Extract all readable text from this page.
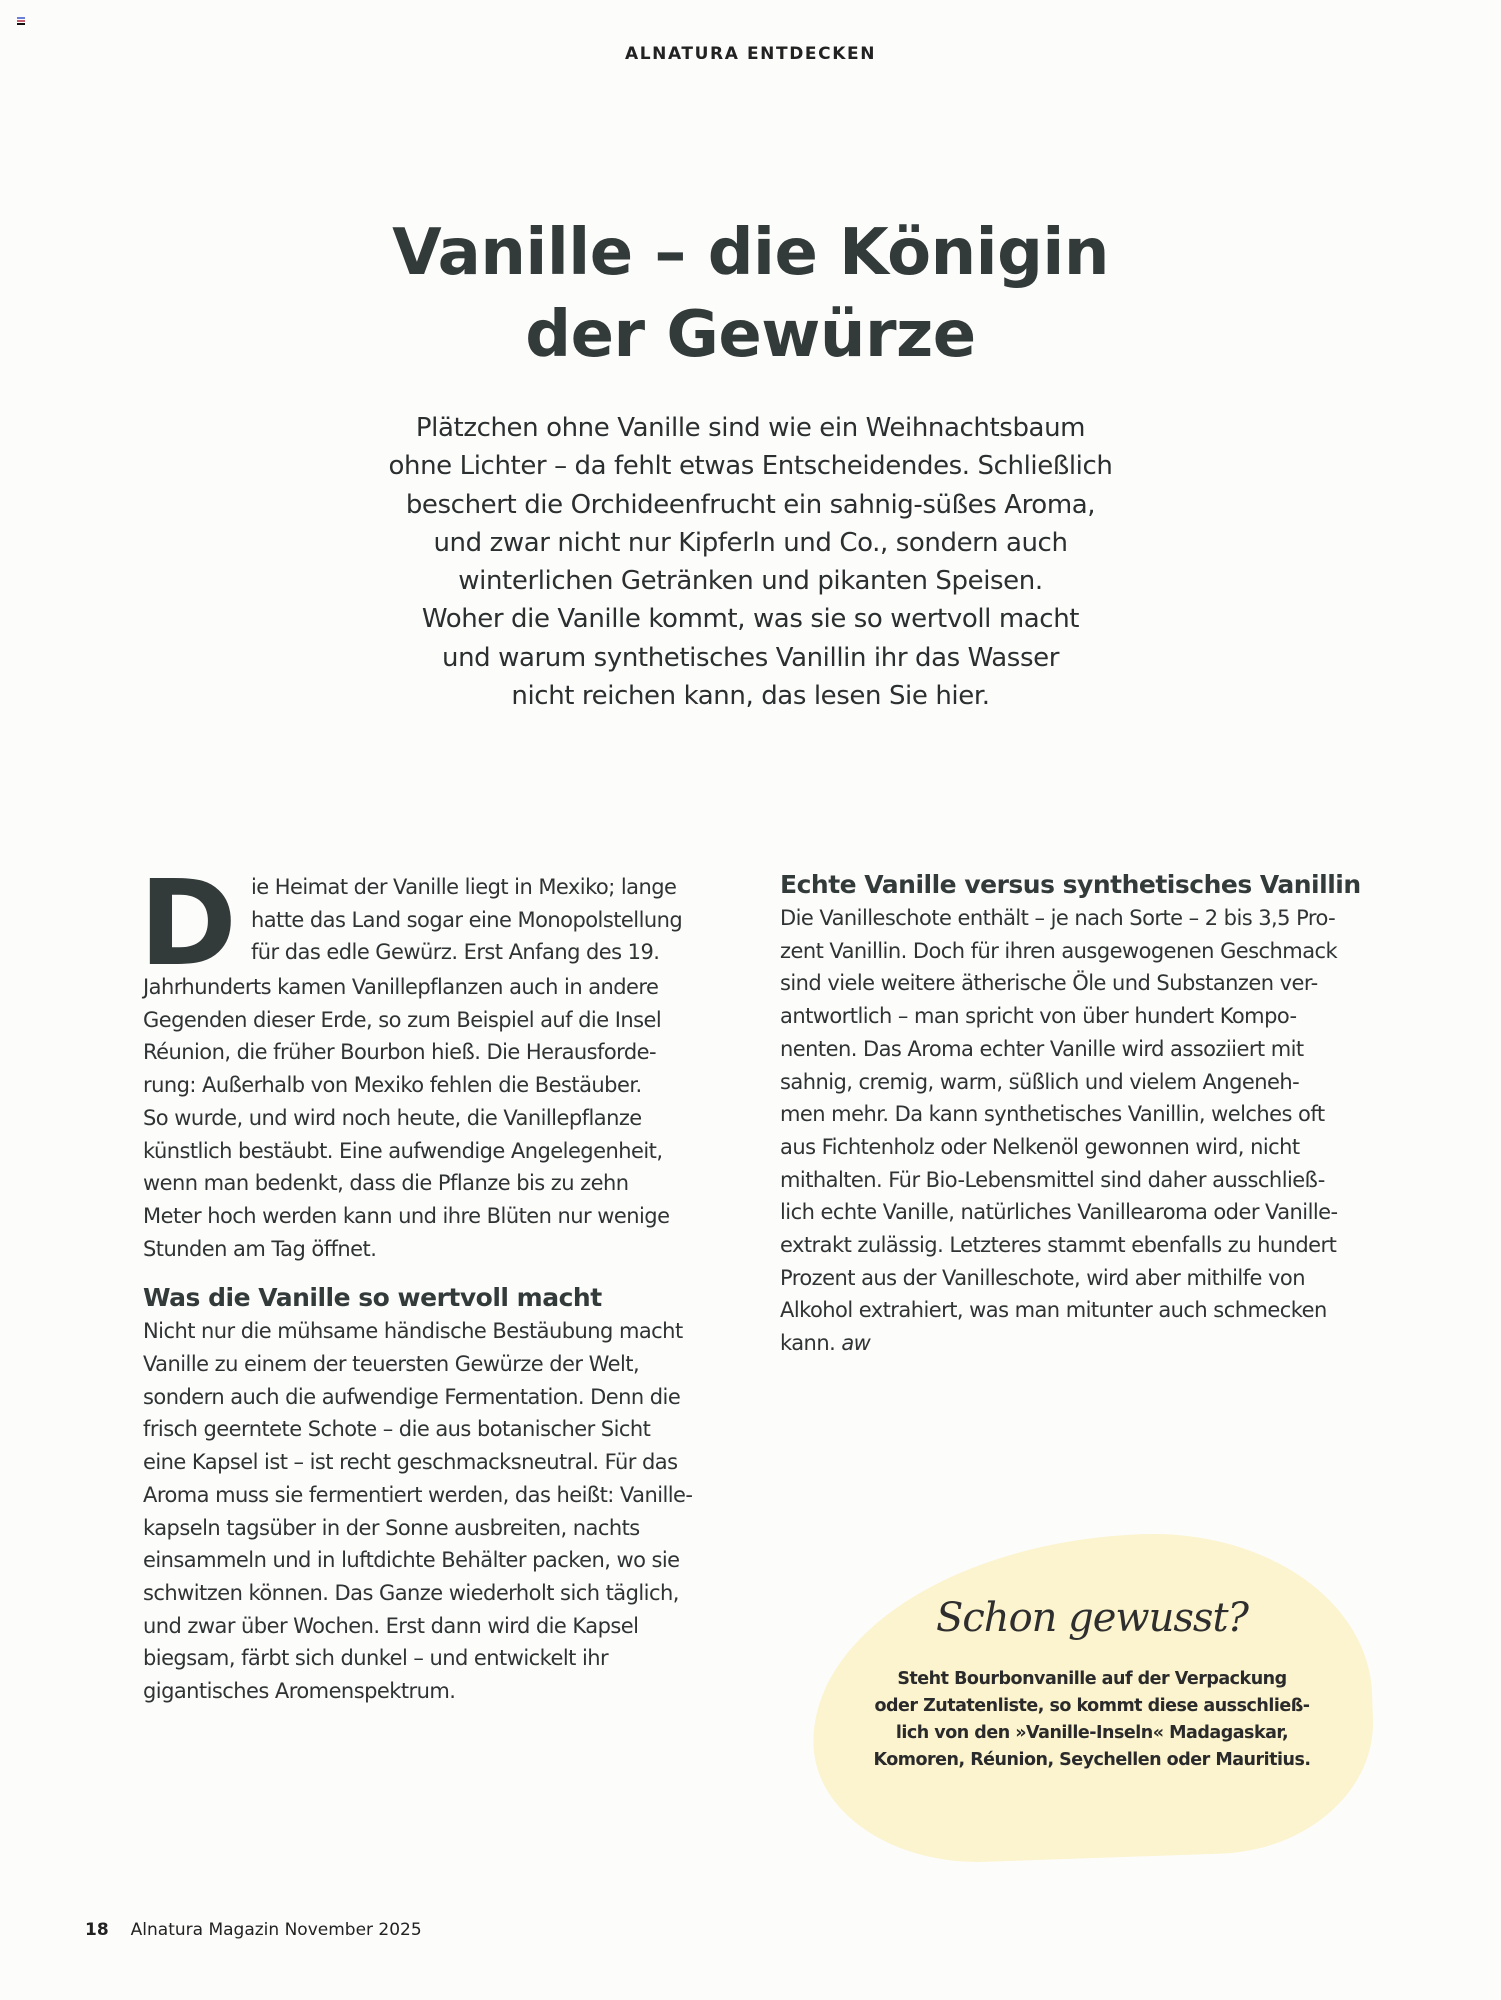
ALNATURA ENTDECKEN
Vanille – die Königin
der Gewürze

Plätzchen ohne Vanille sind wie ein Weihnachtsbaum
ohne Lichter – da fehlt etwas Entscheidendes. Schließlich
beschert die Orchideenfrucht ein sahnig-süßes Aroma,
und zwar nicht nur Kipferln und Co., sondern auch
winterlichen Getränken und pikanten Speisen.
Woher die Vanille kommt, was sie so wertvoll macht
und warum synthetisches Vanillin ihr das Wasser
nicht reichen kann, das lesen Sie hier.

D ie Heimat der Vanille liegt in Mexiko; lange
hatte das Land sogar eine Monopolstellung
für das edle Gewürz. Erst Anfang des 19.
Jahrhunderts kamen Vanillepflanzen auch in andere
Gegenden dieser Erde, so zum Beispiel auf die Insel
Réunion, die früher Bourbon hieß. Die Herausforde-
rung: Außerhalb von Mexiko fehlen die Bestäuber.
So wurde, und wird noch heute, die Vanillepflanze
künstlich bestäubt. Eine aufwendige Angelegenheit,
wenn man bedenkt, dass die Pflanze bis zu zehn
Meter hoch werden kann und ihre Blüten nur wenige
Stunden am Tag öffnet.

Was die Vanille so wertvoll macht

Nicht nur die mühsame händische Bestäubung macht
Vanille zu einem der teuersten Gewürze der Welt,
sondern auch die aufwendige Fermentation. Denn die
frisch geerntete Schote – die aus botanischer Sicht
eine Kapsel ist – ist recht geschmacksneutral. Für das
Aroma muss sie fermentiert werden, das heißt: Vanille-
kapseln tagsüber in der Sonne ausbreiten, nachts
einsammeln und in luftdichte Behälter packen, wo sie
schwitzen können. Das Ganze wiederholt sich täglich,
und zwar über Wochen. Erst dann wird die Kapsel
biegsam, färbt sich dunkel – und entwickelt ihr
gigantisches Aromenspektrum.

Echte Vanille versus synthetisches Vanillin

Die Vanilleschote enthält – je nach Sorte – 2 bis 3,5 Pro-
zent Vanillin. Doch für ihren ausgewogenen Geschmack
sind viele weitere ätherische Öle und Substanzen ver-
antwortlich – man spricht von über hundert Kompo-
nenten. Das Aroma echter Vanille wird assoziiert mit
sahnig, cremig, warm, süßlich und vielem Angeneh-
men mehr. Da kann synthetisches Vanillin, welches oft
aus Fichtenholz oder Nelkenöl gewonnen wird, nicht
mithalten. Für Bio-Lebensmittel sind daher ausschließ-
lich echte Vanille, natürliches Vanillearoma oder Vanille-
extrakt zulässig. Letzteres stammt ebenfalls zu hundert
Prozent aus der Vanilleschote, wird aber mithilfe von
Alkohol extrahiert, was man mitunter auch schmecken
kann. aw

Schon gewusst?

Steht Bourbonvanille auf der Verpackung
oder Zutatenliste, so kommt diese ausschließ-
lich von den »Vanille-Inseln« Madagaskar,
Komoren, Réunion, Seychellen oder Mauritius.

18 Alnatura Magazin November 2025
